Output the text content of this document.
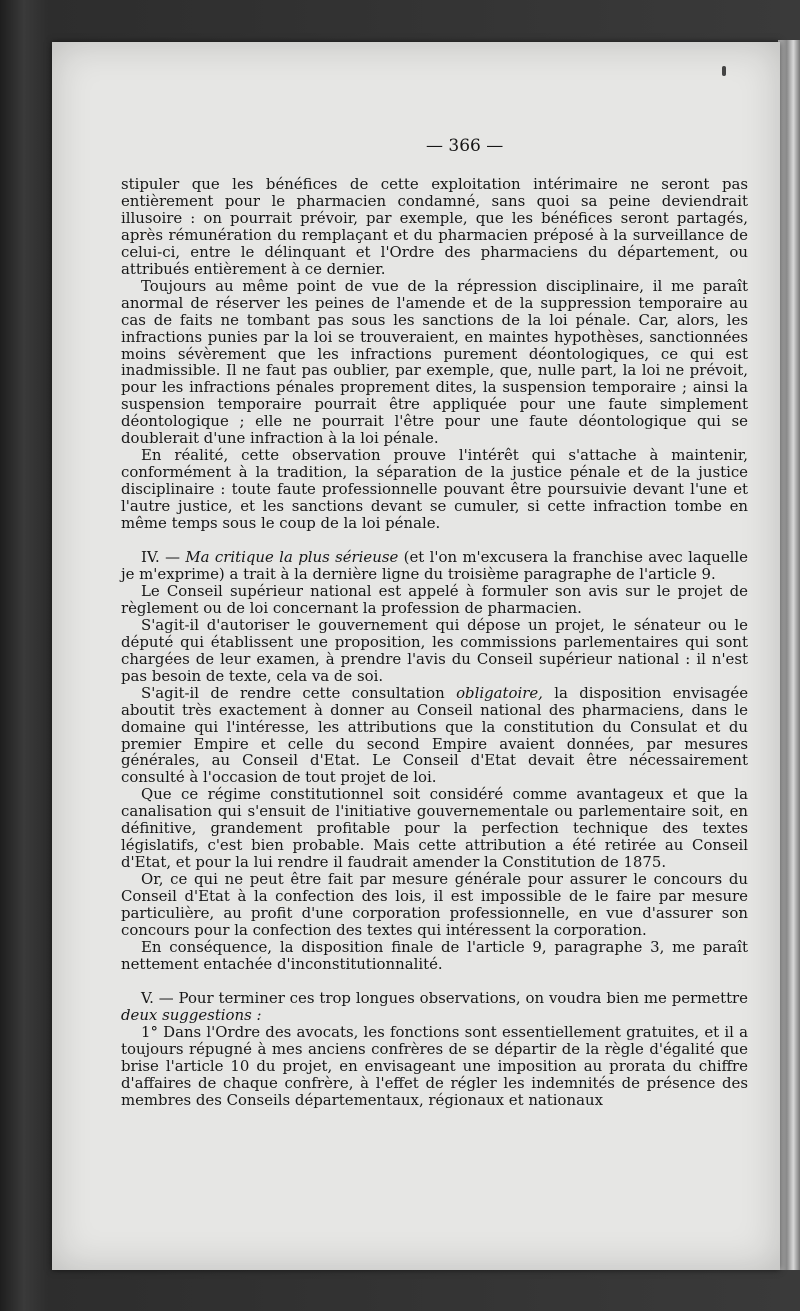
— 366 —

stipuler que les bénéfices de cette exploitation intérimaire ne seront pas entièrement pour le pharmacien condamné, sans quoi sa peine deviendrait illusoire : on pourrait prévoir, par exemple, que les bénéfices seront partagés, après rémunération du remplaçant et du pharmacien préposé à la surveillance de celui-ci, entre le délinquant et l'Ordre des pharmaciens du département, ou attribués entièrement à ce dernier.

Toujours au même point de vue de la répression disciplinaire, il me paraît anormal de réserver les peines de l'amende et de la suppression temporaire au cas de faits ne tombant pas sous les sanctions de la loi pénale. Car, alors, les infractions punies par la loi se trouveraient, en maintes hypothèses, sanctionnées moins sévèrement que les infractions purement déontologiques, ce qui est inadmissible. Il ne faut pas oublier, par exemple, que, nulle part, la loi ne prévoit, pour les infractions pénales proprement dites, la suspension temporaire ; ainsi la suspension temporaire pourrait être appliquée pour une faute simplement déontologique ; elle ne pourrait l'être pour une faute déontologique qui se doublerait d'une infraction à la loi pénale.

En réalité, cette observation prouve l'intérêt qui s'attache à maintenir, conformément à la tradition, la séparation de la justice pénale et de la justice disciplinaire : toute faute professionnelle pouvant être poursuivie devant l'une et l'autre justice, et les sanctions devant se cumuler, si cette infraction tombe en même temps sous le coup de la loi pénale.

IV. — Ma critique la plus sérieuse (et l'on m'excusera la franchise avec laquelle je m'exprime) a trait à la dernière ligne du troisième paragraphe de l'article 9.

Le Conseil supérieur national est appelé à formuler son avis sur le projet de règlement ou de loi concernant la profession de pharmacien.

S'agit-il d'autoriser le gouvernement qui dépose un projet, le sénateur ou le député qui établissent une proposition, les commissions parlementaires qui sont chargées de leur examen, à prendre l'avis du Conseil supérieur national : il n'est pas besoin de texte, cela va de soi.

S'agit-il de rendre cette consultation obligatoire, la disposition envisagée aboutit très exactement à donner au Conseil national des pharmaciens, dans le domaine qui l'intéresse, les attributions que la constitution du Consulat et du premier Empire et celle du second Empire avaient données, par mesures générales, au Conseil d'Etat. Le Conseil d'Etat devait être nécessairement consulté à l'occasion de tout projet de loi.

Que ce régime constitutionnel soit considéré comme avantageux et que la canalisation qui s'ensuit de l'initiative gouvernementale ou parlementaire soit, en définitive, grandement profitable pour la perfection technique des textes législatifs, c'est bien probable. Mais cette attribution a été retirée au Conseil d'Etat, et pour la lui rendre il faudrait amender la Constitution de 1875.

Or, ce qui ne peut être fait par mesure générale pour assurer le concours du Conseil d'Etat à la confection des lois, il est impossible de le faire par mesure particulière, au profit d'une corporation professionnelle, en vue d'assurer son concours pour la confection des textes qui intéressent la corporation.

En conséquence, la disposition finale de l'article 9, paragraphe 3, me paraît nettement entachée d'inconstitutionnalité.

V. — Pour terminer ces trop longues observations, on voudra bien me permettre deux suggestions :

1° Dans l'Ordre des avocats, les fonctions sont essentiellement gratuites, et il a toujours répugné à mes anciens confrères de se départir de la règle d'égalité que brise l'article 10 du projet, en envisageant une imposition au prorata du chiffre d'affaires de chaque confrère, à l'effet de régler les indemnités de présence des membres des Conseils départementaux, régionaux et nationaux
